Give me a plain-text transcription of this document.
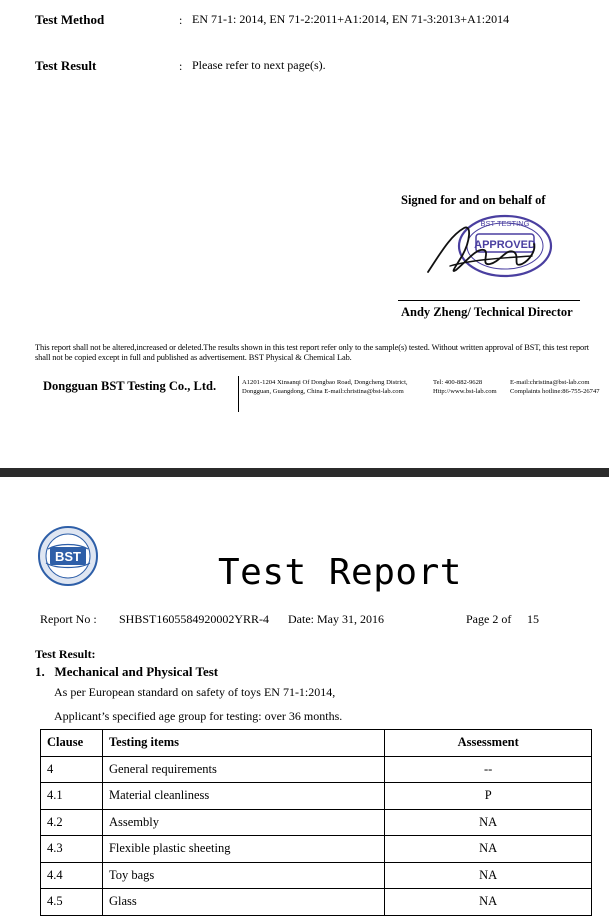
Test Method	: EN 71-1: 2014, EN 71-2:2011+A1:2014, EN 71-3:2013+A1:2014
Test Result	: Please refer to next page(s).
Signed for and on behalf of
BST TESTING
APPROVED
Andy Zheng/ Technical Director
This report shall not be altered,increased or deleted.The results shown in this test report refer only to the sample(s) tested. Without written approval of BST, this test report shall not be copied except in full and published as advertisement. BST Physical & Chemical Lab.
Dongguan BST Testing Co., Ltd.	A1201-1204 Xinsanqi Of Dongbao Road, Dongcheng District,
Dongguan, Guangdong, China E-mail:christina@bst-lab.com
Tel: 400-882-9628
Http://www.bst-lab.com
E-mail:christina@bst-lab.com
Complaints hotline:86-755-26747
BST	Test Report
Report No : SHBST1605584920002YRR-4 Date: May 31, 2016	Page 2 of 15
Test Result:
1.   Mechanical and Physical Test
As per European standard on safety of toys EN 71-1:2014,
Applicant’s specified age group for testing: over 36 months.
Clause	Testing items	Assessment
4	General requirements	--
4.1	Material cleanliness	P
4.2	Assembly	NA
4.3	Flexible plastic sheeting	NA
4.4	Toy bags	NA
4.5	Glass	NA
